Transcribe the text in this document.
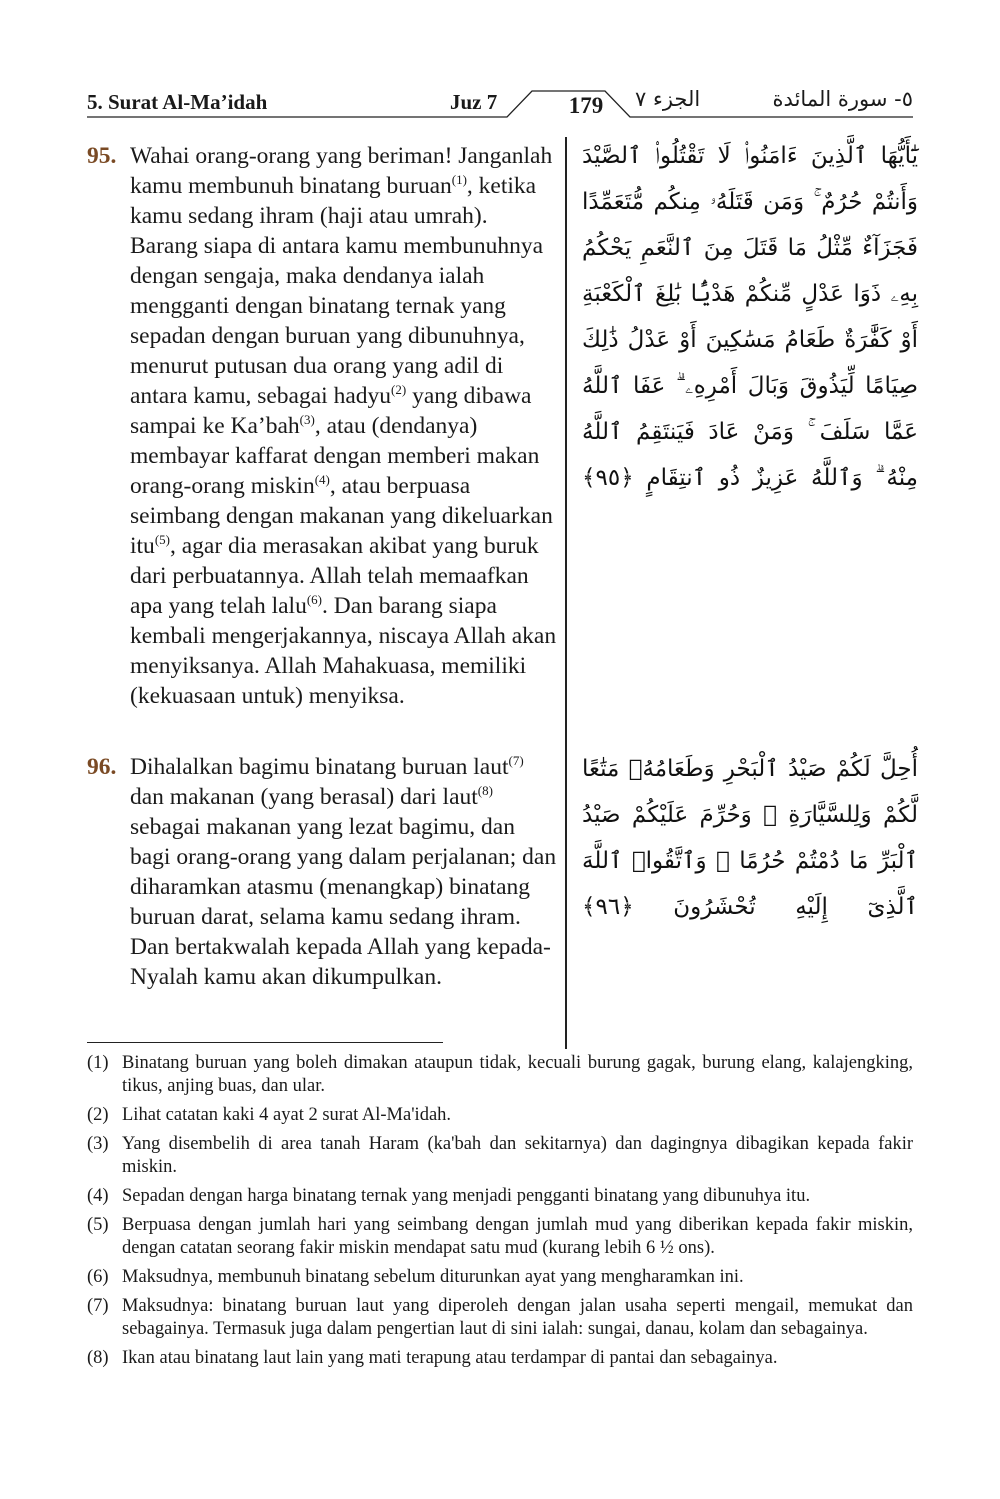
5. Surat Al-Ma’idah	Juz 7	179	الجزء ٧	٥- سورة المائدة
95. Wahai orang-orang yang beriman! Janganlah kamu membunuh binatang buruan$^{(1)}$, ketika kamu sedang ihram (haji atau umrah). Barang siapa di antara kamu membunuhnya dengan sengaja, maka dendanya ialah mengganti dengan binatang ternak yang sepadan dengan buruan yang dibunuhnya, menurut putusan dua orang yang adil di antara kamu, sebagai hadyu$^{(2)}$ yang dibawa sampai ke Ka’bah$^{(3)}$, atau (dendanya) membayar kaffarat dengan memberi makan orang-orang miskin$^{(4)}$, atau berpuasa seimbang dengan makanan yang dikeluarkan itu$^{(5)}$, agar dia merasakan akibat yang buruk dari perbuatannya. Allah telah memaafkan apa yang telah lalu$^{(6)}$. Dan barang siapa kembali mengerjakannya, niscaya Allah akan menyiksanya. Allah Mahakuasa, memiliki (kekuasaan untuk) menyiksa.
يَٰٓأَيُّهَا ٱلَّذِينَ ءَامَنُوا۟ لَا تَقْتُلُوا۟ ٱلصَّيْدَ وَأَنتُمْ حُرُمٌ ۚ وَمَن قَتَلَهُۥ مِنكُم مُّتَعَمِّدًا فَجَزَآءٌ مِّثْلُ مَا قَتَلَ مِنَ ٱلنَّعَمِ يَحْكُمُ بِهِۦ ذَوَا عَدْلٍ مِّنكُمْ هَدْيًۢا بَٰلِغَ ٱلْكَعْبَةِ أَوْ كَفَّٰرَةٌ طَعَامُ مَسَٰكِينَ أَوْ عَدْلُ ذَٰلِكَ صِيَامًا لِّيَذُوقَ وَبَالَ أَمْرِهِۦ ۗ عَفَا ٱللَّهُ عَمَّا سَلَفَ ۚ وَمَنْ عَادَ فَيَنتَقِمُ ٱللَّهُ مِنْهُ ۗ وَٱللَّهُ عَزِيزٌ ذُو ٱنتِقَامٍ ﴿٩٥﴾
96. Dihalalkan bagimu binatang buruan laut$^{(7)}$ dan makanan (yang berasal) dari laut$^{(8)}$ sebagai makanan yang lezat bagimu, dan bagi orang-orang yang dalam perjalanan; dan diharamkan atasmu (menangkap) binatang buruan darat, selama kamu sedang ihram. Dan bertakwalah kepada Allah yang kepada-Nyalah kamu akan dikumpulkan.
أُحِلَّ لَكُمْ صَيْدُ ٱلْبَحْرِ وَطَعَامُهُۥ مَتَٰعًا لَّكُمْ وَلِلسَّيَّارَةِ ۖ وَحُرِّمَ عَلَيْكُمْ صَيْدُ ٱلْبَرِّ مَا دُمْتُمْ حُرُمًا ۗ وَٱتَّقُوا۟ ٱللَّهَ ٱلَّذِىٓ إِلَيْهِ تُحْشَرُونَ ﴿٩٦﴾
(1) Binatang buruan yang boleh dimakan ataupun tidak, kecuali burung gagak, burung elang, kalajengking, tikus, anjing buas, dan ular.
(2) Lihat catatan kaki 4 ayat 2 surat Al-Ma'idah.
(3) Yang disembelih di area tanah Haram (ka'bah dan sekitarnya) dan dagingnya dibagikan kepada fakir miskin.
(4) Sepadan dengan harga binatang ternak yang menjadi pengganti binatang yang dibunuhya itu.
(5) Berpuasa dengan jumlah hari yang seimbang dengan jumlah mud yang diberikan kepada fakir miskin, dengan catatan seorang fakir miskin mendapat satu mud (kurang lebih 6 ½ ons).
(6) Maksudnya, membunuh binatang sebelum diturunkan ayat yang mengharamkan ini.
(7) Maksudnya: binatang buruan laut yang diperoleh dengan jalan usaha seperti mengail, memukat dan sebagainya. Termasuk juga dalam pengertian laut di sini ialah: sungai, danau, kolam dan sebagainya.
(8) Ikan atau binatang laut lain yang mati terapung atau terdampar di pantai dan sebagainya.
